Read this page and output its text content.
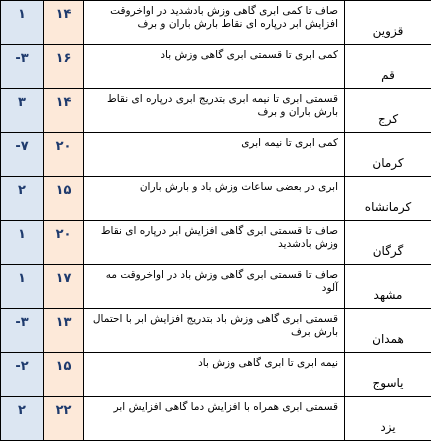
۱	۱۴	صاف تا کمی ابری گاهی وزش بادشدید در اواخروقت افزایش ابر درپاره ای نقاط بارش باران و برف	قزوین
-۳	۱۶	کمی ابری تا قسمتی ابری گاهی وزش باد	قم
۳	۱۴	قسمتی ابری تا نیمه ابری بتدریج ابری درپاره ای نقاط بارش باران و برف	کرج
-۷	۲۰	کمی ابری تا نیمه ابری	کرمان
۲	۱۵	ابری در بعضی ساعات وزش باد و بارش باران	کرمانشاه
۱	۲۰	صاف تا قسمتی ابری گاهی افزایش ابر درپاره ای نقاط وزش بادشدید	گرگان
۱	۱۷	صاف تا قسمتی ابری گاهی وزش باد در اواخروقت مه آلود	مشهد
-۳	۱۳	قسمتی ابری گاهی وزش باد بتدریج افزایش ابر با احتمال بارش برف	همدان
-۲	۱۵	نیمه ابری تا ابری گاهی وزش باد	یاسوج
۲	۲۲	قسمتی ابری همراه با افزایش دما گاهی افزایش ابر	یزد
